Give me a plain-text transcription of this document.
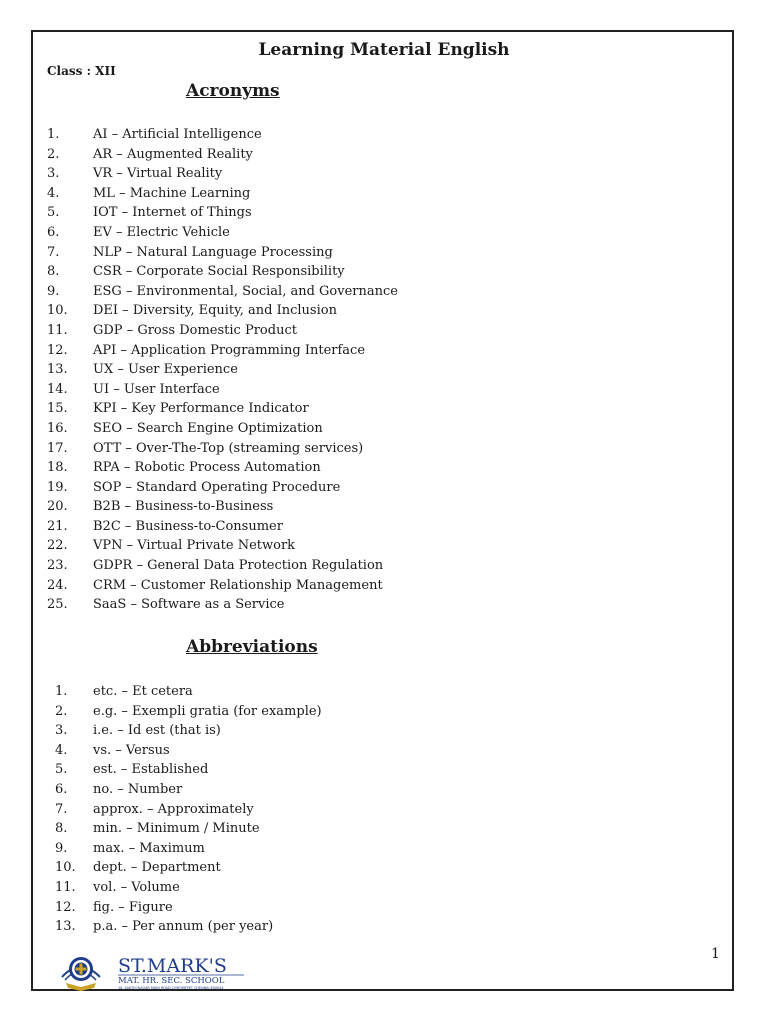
Learning Material English
Class : XII
Acronyms
1.	AI – Artificial Intelligence
2.	AR – Augmented Reality
3.	VR – Virtual Reality
4.	ML – Machine Learning
5.	IOT – Internet of Things
6.	EV – Electric Vehicle
7.	NLP – Natural Language Processing
8.	CSR – Corporate Social Responsibility
9.	ESG – Environmental, Social, and Governance
10. DEI – Diversity, Equity, and Inclusion
11. GDP – Gross Domestic Product
12. API – Application Programming Interface
13. UX – User Experience
14. UI – User Interface
15. KPI – Key Performance Indicator
16. SEO – Search Engine Optimization
17. OTT – Over-The-Top (streaming services)
18. RPA – Robotic Process Automation
19. SOP – Standard Operating Procedure
20. B2B – Business-to-Business
21. B2C – Business-to-Consumer
22. VPN – Virtual Private Network
23. GDPR – General Data Protection Regulation
24. CRM – Customer Relationship Management
25. SaaS – Software as a Service
Abbreviations
1. etc. – Et cetera
2. e.g. – Exempli gratia (for example)
3. i.e. – Id est (that is)
4. vs. – Versus
5. est. – Established
6. no. – Number
7. approx. – Approximately
8. min. – Minimum / Minute
9. max. – Maximum
10. dept. – Department
11. vol. – Volume
12. fig. – Figure
13. p.a. – Per annum (per year)
1
ST.MARK'S
MAT. HR. SEC. SCHOOL
16, SAKTHI NAGAR MAIN ROAD CHROMEPET CHENNAI 600044
